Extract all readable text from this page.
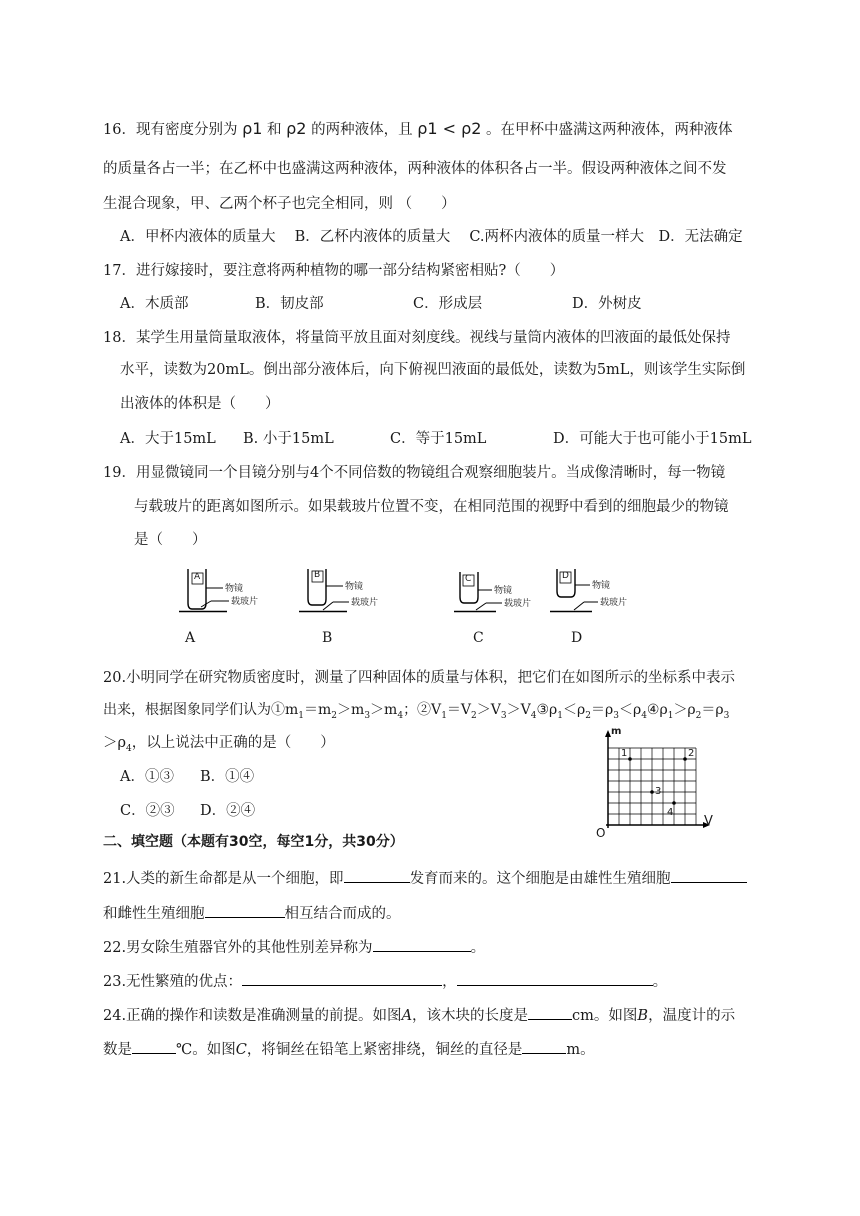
16．现有密度分别为 ρ1 和 ρ2 的两种液体，且 ρ1 < ρ2 。在甲杯中盛满这两种液体，两种液体
的质量各占一半；在乙杯中也盛满这两种液体，两种液体的体积各占一半。假设两种液体之间不发
生混合现象，甲、乙两个杯子也完全相同，则 （　　）
A．甲杯内液体的质量大　 B．乙杯内液体的质量大　 C.两杯内液体的质量一样大　D．无法确定
17．进行嫁接时，要注意将两种植物的哪一部分结构紧密相贴?（　　）
A．木质部	B．韧皮部	C．形成层	D．外树皮
18．某学生用量筒量取液体，将量筒平放且面对刻度线。视线与量筒内液体的凹液面的最低处保持
水平，读数为20mL。倒出部分液体后，向下俯视凹液面的最低处，读数为5mL，则该学生实际倒
出液体的体积是（　　）
A．大于15mL B. 小于15mL	C．等于15mL	D．可能大于也可能小于15mL
19．用显微镜同一个目镜分别与4个不同倍数的物镜组合观察细胞装片。当成像清晰时，每一物镜
与载玻片的距离如图所示。如果载玻片位置不变，在相同范围的视野中看到的细胞最少的物镜
是（　　）
A
物镜
载玻片
B
物镜
载玻片
C
物镜
载玻片
D
物镜
载玻片
A	B	C	D
20.小明同学在研究物质密度时，测量了四种固体的质量与体积，把它们在如图所示的坐标系中表示
出来，根据图象同学们认为$①m_1=m_2>m_3>m_4$；$②V_1=V_2>V_3>V_4③\rho_1<\rho_2=\rho_3<\rho_4④\rho_1>\rho_2=\rho_3$
$>\rho_4$，以上说法中正确的是（　　）
A．①③ B．①④
C．②③ D．②④
m
V
O
1	2
3
4
二、填空题（本题有30空，每空1分，共30分）
21.人类的新生命都是从一个细胞，即	发育而来的。这个细胞是由雄性生殖细胞
和雌性生殖细胞	相互结合而成的。
22.男女除生殖器官外的其他性别差异称为	。
23.无性繁殖的优点：	，	。
24.正确的操作和读数是准确测量的前提。如图A，该木块的长度是	cm。如图B，温度计的示
数是	℃。如图C，将铜丝在铅笔上紧密排绕，铜丝的直径是	m。
